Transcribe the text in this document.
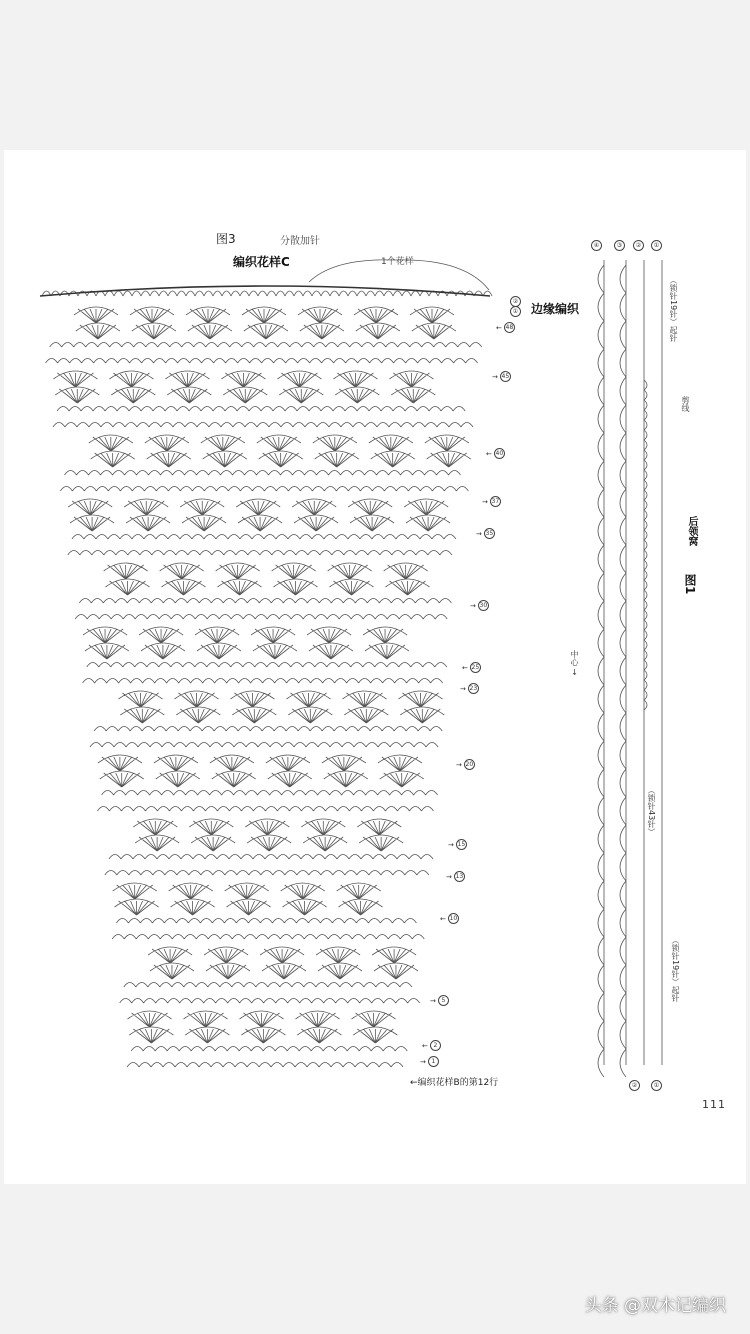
图3	分散加针
编织花样C	1个花样
边缘编织
←编织花样B的第12行
111
②
①
← 48
→ 45
← 40
→ 37
→ 35
→ 30
← 25
→ 23
→ 20
→ 15
→ 13
← 10
→ 5
← 2
→ 1
图1
后领窝
剪线
（锁针19针）起针
（锁针43针）
（锁针19针）起针
中心 →
④	③	②	①
②	①
头条 @双木记编织
